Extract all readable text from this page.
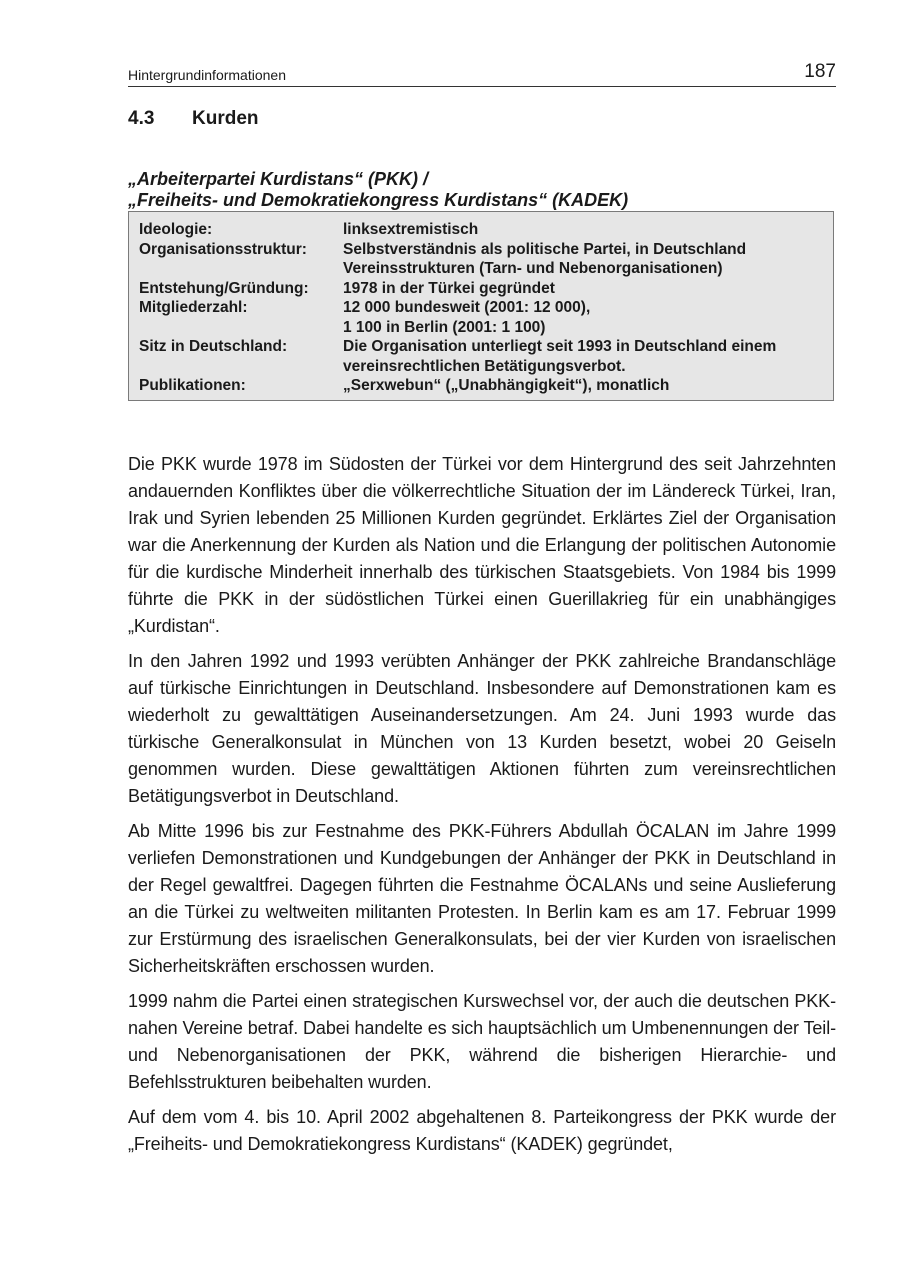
Hintergrundinformationen	187
4.3 Kurden
„Arbeiterpartei Kurdistans“ (PKK) /
„Freiheits- und Demokratiekongress Kurdistans“ (KADEK)
Ideologie:	linksextremistisch
Organisationsstruktur:	Selbstverständnis als politische Partei, in Deutschland Vereinsstrukturen (Tarn- und Nebenorganisationen)
Entstehung/Gründung:	1978 in der Türkei gegründet
Mitgliederzahl:	12 000 bundesweit (2001: 12 000),
1 100 in Berlin (2001: 1 100)
Sitz in Deutschland:	Die Organisation unterliegt seit 1993 in Deutschland einem vereinsrechtlichen Betätigungsverbot.
Publikationen:	„Serxwebun“ („Unabhängigkeit“), monatlich

Die PKK wurde 1978 im Südosten der Türkei vor dem Hintergrund des seit Jahrzehnten andauernden Konfliktes über die völkerrechtliche Situation der im Ländereck Türkei, Iran, Irak und Syrien lebenden 25 Millionen Kurden gegründet. Erklärtes Ziel der Organisation war die Anerkennung der Kurden als Nation und die Erlangung der politischen Autonomie für die kurdische Minderheit innerhalb des türkischen Staatsgebiets. Von 1984 bis 1999 führte die PKK in der südöstlichen Türkei einen Guerillakrieg für ein unabhängiges „Kurdistan“.

In den Jahren 1992 und 1993 verübten Anhänger der PKK zahlreiche Brandanschläge auf türkische Einrichtungen in Deutschland. Insbesondere auf Demonstrationen kam es wiederholt zu gewalttätigen Auseinandersetzungen. Am 24. Juni 1993 wurde das türkische Generalkonsulat in München von 13 Kurden besetzt, wobei 20 Geiseln genommen wurden. Diese gewalttätigen Aktionen führten zum vereinsrechtlichen Betätigungsverbot in Deutschland.

Ab Mitte 1996 bis zur Festnahme des PKK-Führers Abdullah ÖCALAN im Jahre 1999 verliefen Demonstrationen und Kundgebungen der Anhänger der PKK in Deutschland in der Regel gewaltfrei. Dagegen führten die Festnahme ÖCALANs und seine Auslieferung an die Türkei zu weltweiten militanten Protesten. In Berlin kam es am 17. Februar 1999 zur Erstürmung des israelischen Generalkonsulats, bei der vier Kurden von israelischen Sicherheitskräften erschossen wurden.

1999 nahm die Partei einen strategischen Kurswechsel vor, der auch die deutschen PKK-nahen Vereine betraf. Dabei handelte es sich hauptsächlich um Umbenennungen der Teil- und Nebenorganisationen der PKK, während die bisherigen Hierarchie- und Befehlsstrukturen beibehalten wurden.

Auf dem vom 4. bis 10. April 2002 abgehaltenen 8. Parteikongress der PKK wurde der „Freiheits- und Demokratiekongress Kurdistans“ (KADEK) gegründet,
